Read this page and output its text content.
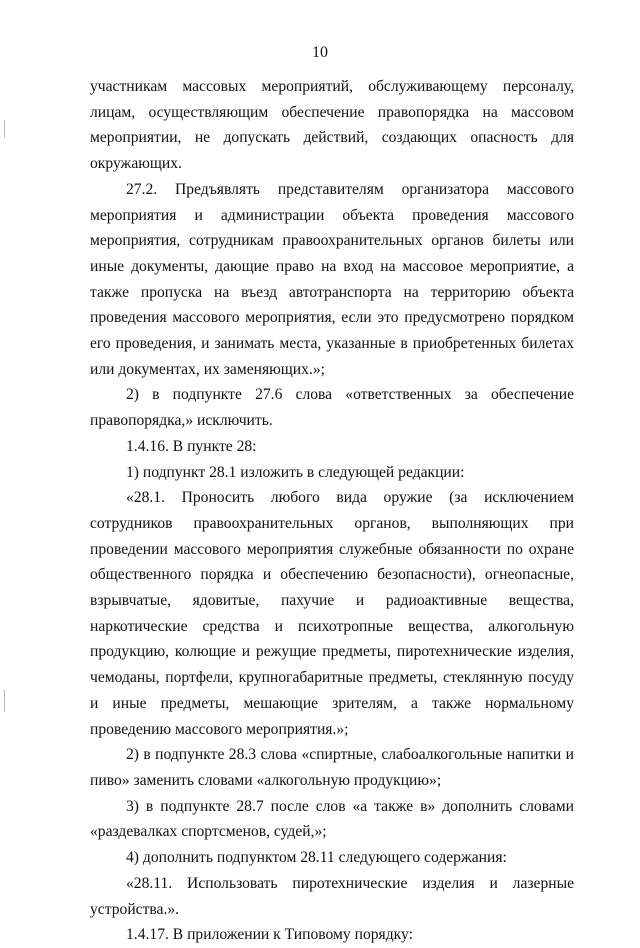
10

участникам массовых мероприятий, обслуживающему персоналу, лицам, осуществляющим обеспечение правопорядка на массовом мероприятии, не допускать действий, создающих опасность для окружающих.

27.2. Предъявлять представителям организатора массового мероприятия и администрации объекта проведения массового мероприятия, сотрудникам правоохранительных органов билеты или иные документы, дающие право на вход на массовое мероприятие, а также пропуска на въезд автотранспорта на территорию объекта проведения массового мероприятия, если это предусмотрено порядком его проведения, и занимать места, указанные в приобретенных билетах или документах, их заменяющих.»;

2) в подпункте 27.6 слова «ответственных за обеспечение правопорядка,» исключить.

1.4.16. В пункте 28:

1) подпункт 28.1 изложить в следующей редакции:

«28.1. Проносить любого вида оружие (за исключением сотрудников правоохранительных органов, выполняющих при проведении массового мероприятия служебные обязанности по охране общественного порядка и обеспечению безопасности), огнеопасные, взрывчатые, ядовитые, пахучие и радиоактивные вещества, наркотические средства и психотропные вещества, алкогольную продукцию, колющие и режущие предметы, пиротехнические изделия, чемоданы, портфели, крупногабаритные предметы, стеклянную посуду и иные предметы, мешающие зрителям, а также нормальному проведению массового мероприятия.»;

2) в подпункте 28.3 слова «спиртные, слабоалкогольные напитки и пиво» заменить словами «алкогольную продукцию»;

3) в подпункте 28.7 после слов «а также в» дополнить словами «раздевалках спортсменов, судей,»;

4) дополнить подпунктом 28.11 следующего содержания:

«28.11. Использовать пиротехнические изделия и лазерные устройства.».

1.4.17. В приложении к Типовому порядку:
